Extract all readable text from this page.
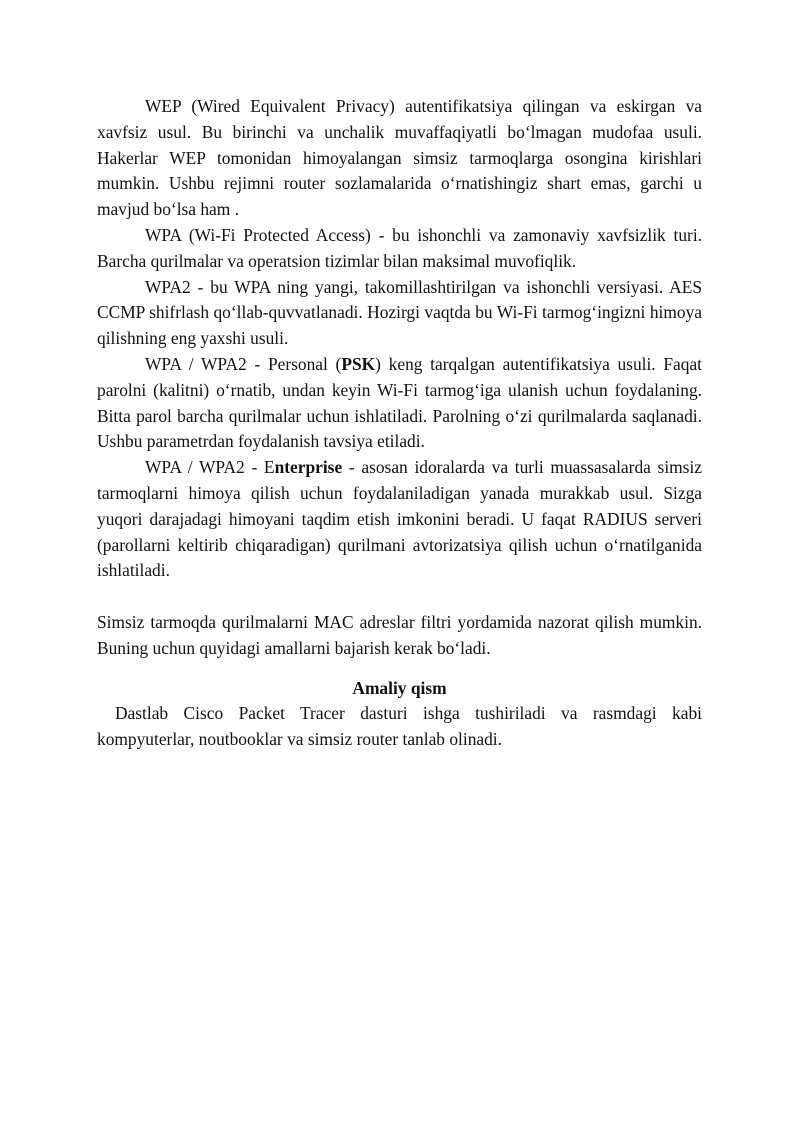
WEP (Wired Equivalent Privacy) autentifikatsiya qilingan va eskirgan va xavfsiz usul. Bu birinchi va unchalik muvaffaqiyatli bo‘lmagan mudofaa usuli. Hakerlar WEP tomonidan himoyalangan simsiz tarmoqlarga osongina kirishlari mumkin. Ushbu rejimni router sozlamalarida o‘rnatishingiz shart emas, garchi u mavjud bo‘lsa ham .

WPA (Wi-Fi Protected Access) - bu ishonchli va zamonaviy xavfsizlik turi. Barcha qurilmalar va operatsion tizimlar bilan maksimal muvofiqlik.

WPA2 - bu WPA ning yangi, takomillashtirilgan va ishonchli versiyasi. AES CCMP shifrlash qo‘llab-quvvatlanadi. Hozirgi vaqtda bu Wi-Fi tarmog‘ingizni himoya qilishning eng yaxshi usuli.

WPA / WPA2 - Personal (PSK) keng tarqalgan autentifikatsiya usuli. Faqat parolni (kalitni) o‘rnatib, undan keyin Wi-Fi tarmog‘iga ulanish uchun foydalaning. Bitta parol barcha qurilmalar uchun ishlatiladi. Parolning o‘zi qurilmalarda saqlanadi. Ushbu parametrdan foydalanish tavsiya etiladi.

WPA / WPA2 - Enterprise - asosan idoralarda va turli muassasalarda simsiz tarmoqlarni himoya qilish uchun foydalaniladigan yanada murakkab usul. Sizga yuqori darajadagi himoyani taqdim etish imkonini beradi. U faqat RADIUS serveri (parollarni keltirib chiqaradigan) qurilmani avtorizatsiya qilish uchun o‘rnatilganida ishlatiladi.

Simsiz tarmoqda qurilmalarni MAC adreslar filtri yordamida nazorat qilish mumkin. Buning uchun quyidagi amallarni bajarish kerak bo‘ladi.

Amaliy qism

Dastlab Cisco Packet Tracer dasturi ishga tushiriladi va rasmdagi kabi kompyuterlar, noutbooklar va simsiz router tanlab olinadi.
